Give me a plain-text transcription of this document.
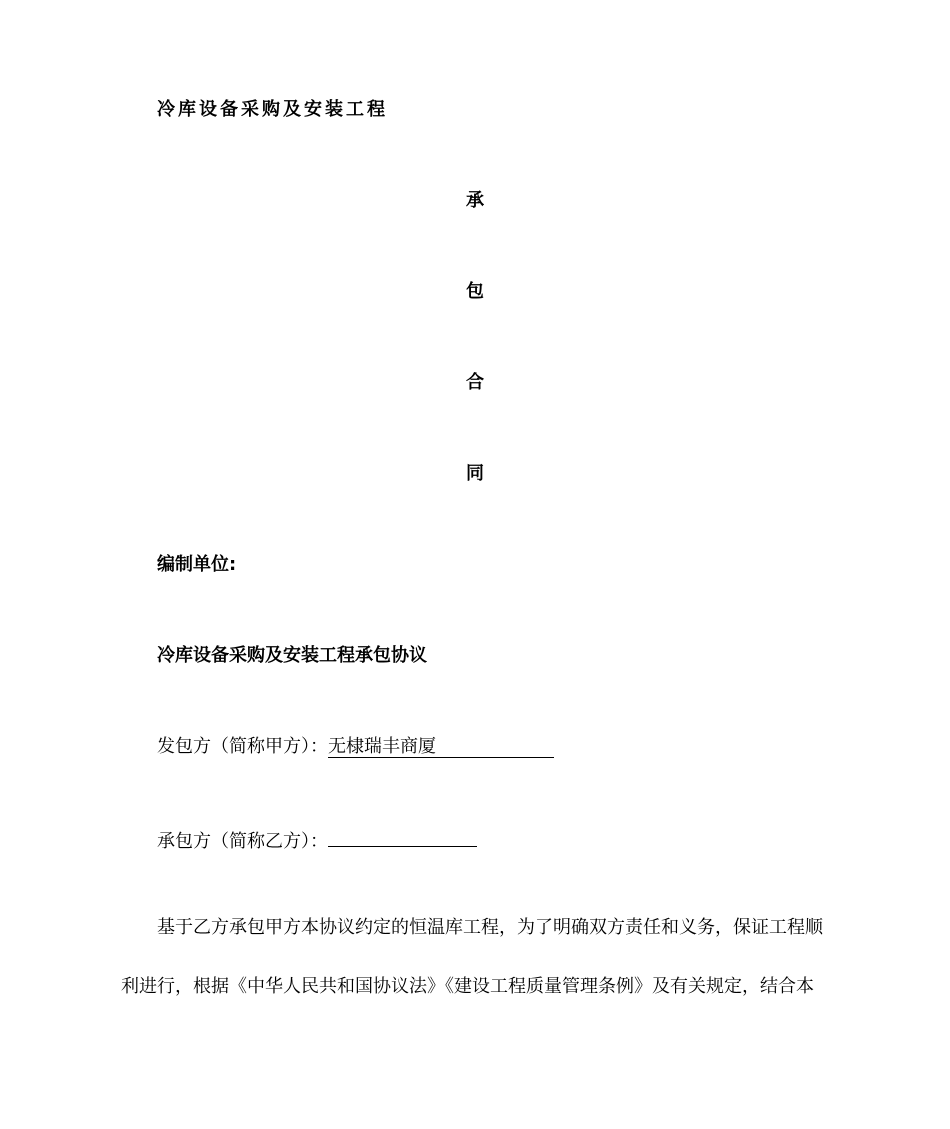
冷库设备采购及安装工程
承
包
合
同
编制单位:
冷库设备采购及安装工程承包协议
发包方（简称甲方）：无棣瑞丰商厦
承包方（简称乙方）：
基于乙方承包甲方本协议约定的恒温库工程，为了明确双方责任和义务，保证工程顺
利进行，根据《中华人民共和国协议法》《建设工程质量管理条例》及有关规定，结合本
